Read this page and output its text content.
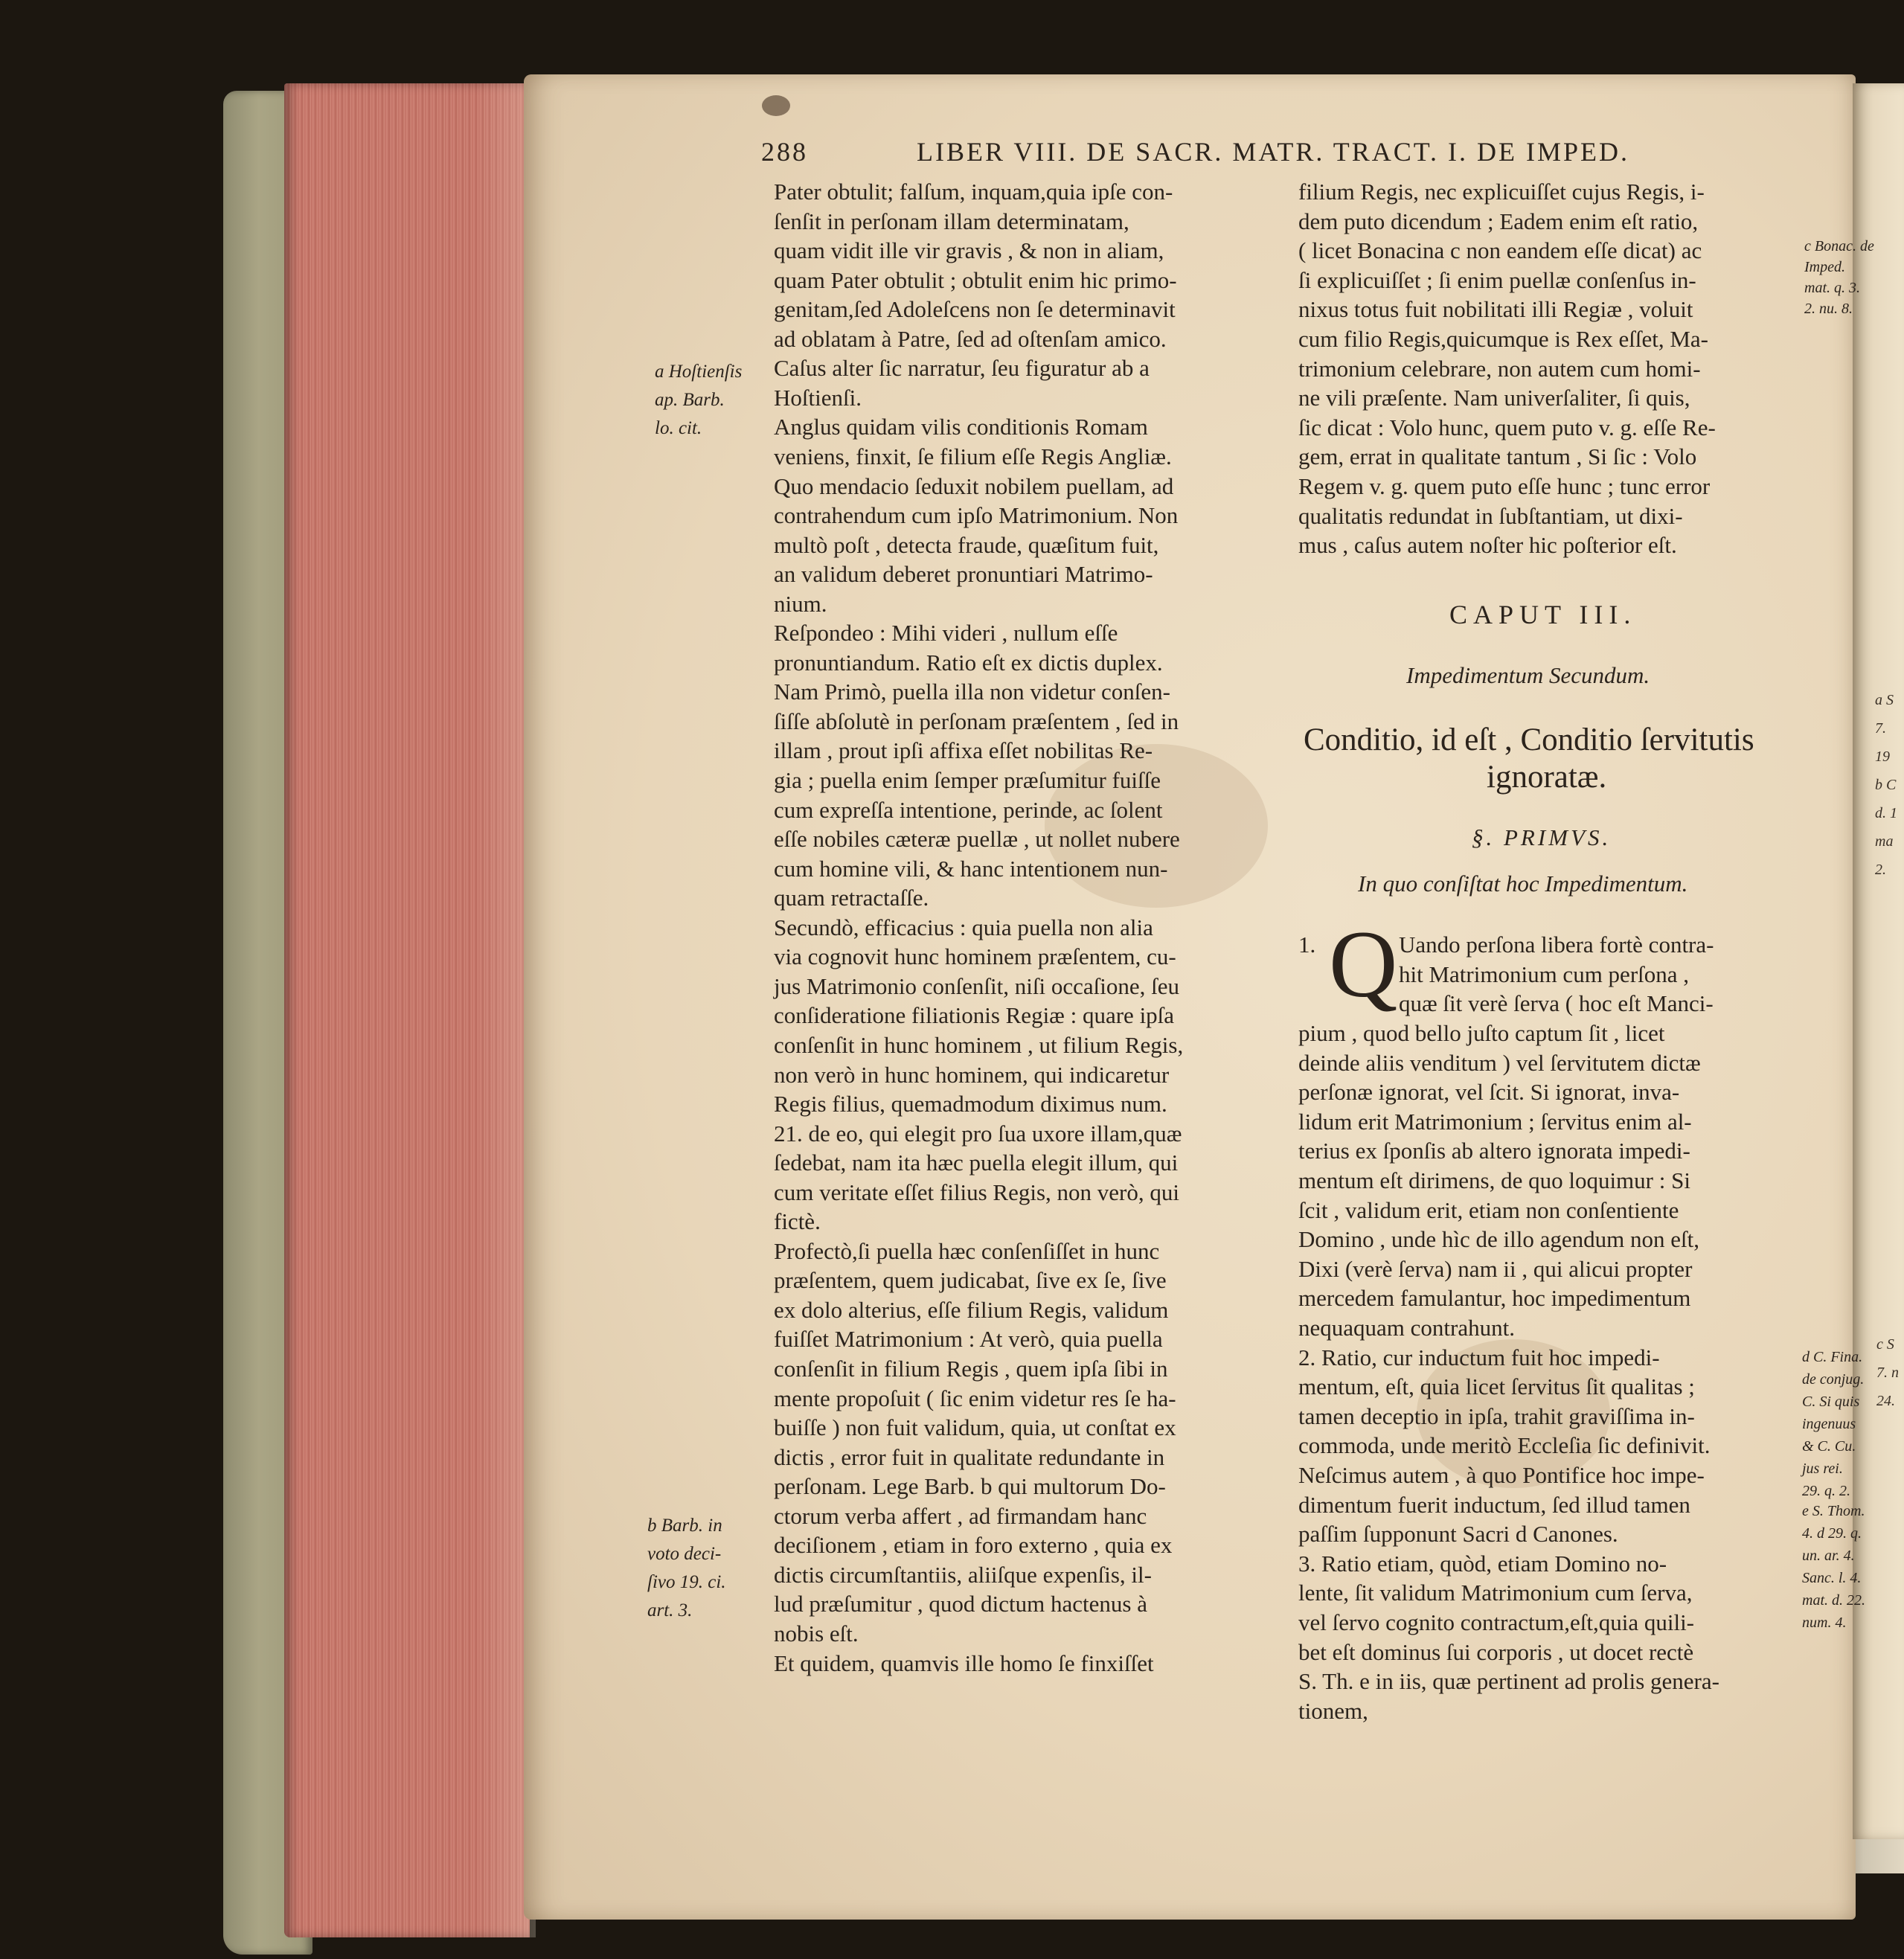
288	LIBER VIII. DE SACR. MATR. TRACT. I. DE IMPED.
Pater obtulit; falſum, inquam,quia ipſe con-
ſenſit in perſonam illam determinatam,
quam vidit ille vir gravis , & non in aliam,
quam Pater obtulit ; obtulit enim hic primo-
genitam,ſed Adoleſcens non ſe determinavit
ad oblatam à Patre, ſed ad oſtenſam amico.
Caſus alter ſic narratur, ſeu figuratur ab a
Hoſtienſi.
Anglus quidam vilis conditionis Romam
veniens, finxit, ſe filium eſſe Regis Angliæ.
Quo mendacio ſeduxit nobilem puellam, ad
contrahendum cum ipſo Matrimonium. Non
multò poſt , detecta fraude, quæſitum fuit,
an validum deberet pronuntiari Matrimo-
nium.
Reſpondeo : Mihi videri , nullum eſſe
pronuntiandum. Ratio eſt ex dictis duplex.
Nam Primò, puella illa non videtur conſen-
ſiſſe abſolutè in perſonam præſentem , ſed in
illam , prout ipſi affixa eſſet nobilitas Re-
gia ; puella enim ſemper præſumitur fuiſſe
cum expreſſa intentione, perinde, ac ſolent
eſſe nobiles cæteræ puellæ , ut nollet nubere
cum homine vili, & hanc intentionem nun-
quam retractaſſe.
Secundò, efficacius : quia puella non alia
via cognovit hunc hominem præſentem, cu-
jus Matrimonio conſenſit, niſi occaſione, ſeu
conſideratione filiationis Regiæ : quare ipſa
conſenſit in hunc hominem , ut filium Regis,
non verò in hunc hominem, qui indicaretur
Regis filius, quemadmodum diximus num.
21. de eo, qui elegit pro ſua uxore illam,quæ
ſedebat, nam ita hæc puella elegit illum, qui
cum veritate eſſet filius Regis, non verò, qui
fictè.
Profectò,ſi puella hæc conſenſiſſet in hunc
præſentem, quem judicabat, ſive ex ſe, ſive
ex dolo alterius, eſſe filium Regis, validum
fuiſſet Matrimonium : At verò, quia puella
conſenſit in filium Regis , quem ipſa ſibi in
mente propoſuit ( ſic enim videtur res ſe ha-
buiſſe ) non fuit validum, quia, ut conſtat ex
dictis , error fuit in qualitate redundante in
perſonam. Lege Barb. b qui multorum Do-
ctorum verba affert , ad firmandam hanc
deciſionem , etiam in foro externo , quia ex
dictis circumſtantiis, aliiſque expenſis, il-
lud præſumitur , quod dictum hactenus à
nobis eſt.
Et quidem, quamvis ille homo ſe finxiſſet
a Hoſtienſis
ap. Barb.
lo. cit.
b Barb. in
voto deci-
ſivo 19. ci.
art. 3.
filium Regis, nec explicuiſſet cujus Regis, i-
dem puto dicendum ; Eadem enim eſt ratio,
( licet Bonacina c non eandem eſſe dicat) ac
ſi explicuiſſet ; ſi enim puellæ conſenſus in-
nixus totus fuit nobilitati illi Regiæ , voluit
cum filio Regis,quicumque is Rex eſſet, Ma-
trimonium celebrare, non autem cum homi-
ne vili præſente. Nam univerſaliter, ſi quis,
ſic dicat : Volo hunc, quem puto v. g. eſſe Re-
gem, errat in qualitate tantum , Si ſic : Volo
Regem v. g. quem puto eſſe hunc ; tunc error
qualitatis redundat in ſubſtantiam, ut dixi-
mus , caſus autem noſter hic poſterior eſt.
CAPUT III.
Impedimentum Secundum.
Conditio, id eſt , Conditio ſervitutis
ignoratæ.
§. PRIMVS.
In quo conſiſtat hoc Impedimentum.
1. Q Uando perſona libera fortè contra-
hit Matrimonium cum perſona ,
quæ ſit verè ſerva ( hoc eſt Manci-
pium , quod bello juſto captum ſit , licet
deinde aliis venditum ) vel ſervitutem dictæ
perſonæ ignorat, vel ſcit. Si ignorat, inva-
lidum erit Matrimonium ; ſervitus enim al-
terius ex ſponſis ab altero ignorata impedi-
mentum eſt dirimens, de quo loquimur : Si
ſcit , validum erit, etiam non conſentiente
Domino , unde hìc de illo agendum non eſt,
Dixi (verè ſerva) nam ii , qui alicui propter
mercedem famulantur, hoc impedimentum
nequaquam contrahunt.
2. Ratio, cur inductum fuit hoc impedi-
mentum, eſt, quia licet ſervitus ſit qualitas ;
tamen deceptio in ipſa, trahit graviſſima in-
commoda, unde meritò Eccleſia ſic definivit.
Neſcimus autem , à quo Pontifice hoc impe-
dimentum fuerit inductum, ſed illud tamen
paſſim ſupponunt Sacri d Canones.
3. Ratio etiam, quòd, etiam Domino no-
lente, ſit validum Matrimonium cum ſerva,
vel ſervo cognito contractum,eſt,quia quili-
bet eſt dominus ſui corporis , ut docet rectè
S. Th. e in iis, quæ pertinent ad prolis genera-
tionem,
c Bonac. de
Imped.
mat. q. 3.
2. nu. 8.
d C. Fina.
de conjug.
C. Si quis
ingenuus
& C. Cu.
jus rei.
29. q. 2.
e S. Thom.
4. d 29. q.
un. ar. 4.
Sanc. l. 4.
mat. d. 22.
num. 4.
a S
7.
19
b C
d. 1
ma
2.
c S
7. n
24.
